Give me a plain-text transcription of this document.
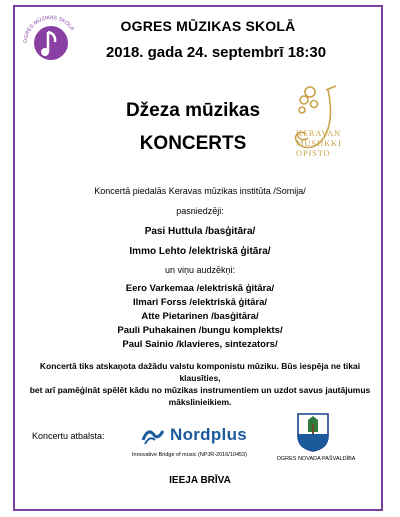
OGRES MŪZIKAS SKOLA	OGRES MŪZIKAS SKOLĀ
2018. gada 24. septembrī 18:30
Džeza mūzikas
KONCERTS	KERAVAN
MUSIIKKI
OPISTO
Koncertā piedalās Keravas mūzikas institūta /Somija/
pasniedzēji:
Pasi Huttula /basģitāra/
Immo Lehto /elektriskā ģitāra/
un viņu audzēkņi:
Eero Varkemaa /elektriskā ģitāra/
Ilmari Forss /elektriskā ģitāra/
Atte Pietarinen /basģitāra/
Pauli Puhakainen /bungu komplekts/
Paul Sainio /klavieres, sintezators/
Koncertā tiks atskaņota dažādu valstu komponistu mūziku. Būs iespēja ne tikai klausīties,
bet arī pamēģināt spēlēt kādu no mūzikas instrumentiem un uzdot savus jautājumus
mākslinieikiem.
Koncertu atbalsta:	Nordplus
Innovative Bridge of music (NPJR-2016/10453)
OGRES NOVADA PAŠVALDĪBA
IEEJA BRĪVA
